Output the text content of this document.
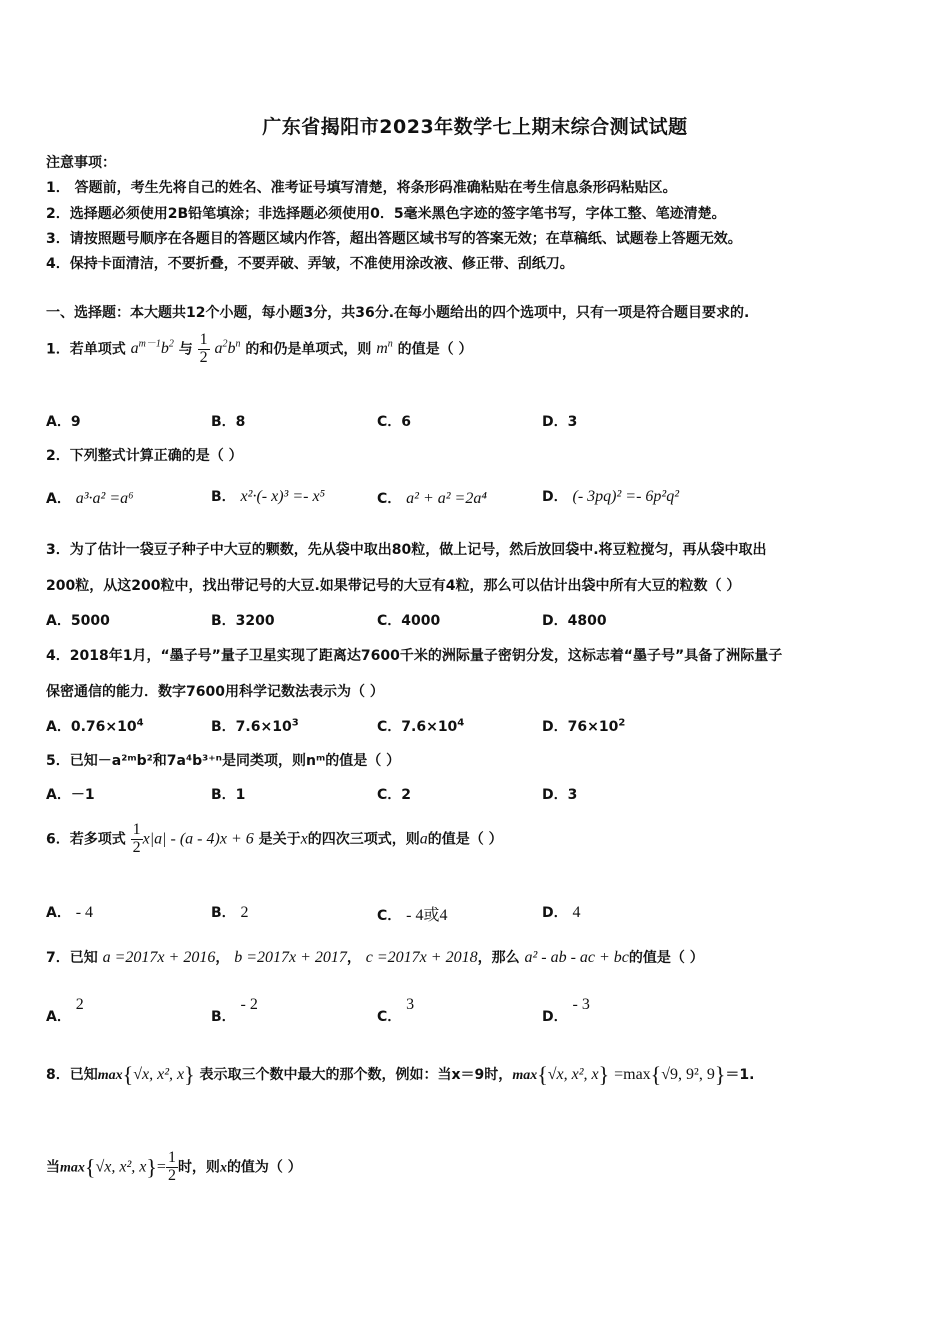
广东省揭阳市2023年数学七上期末综合测试试题
注意事项：
1． 答题前，考生先将自己的姓名、准考证号填写清楚，将条形码准确粘贴在考生信息条形码粘贴区。
2．选择题必须使用2B铅笔填涂；非选择题必须使用0．5毫米黑色字迹的签字笔书写，字体工整、笔迹清楚。
3．请按照题号顺序在各题目的答题区域内作答，超出答题区域书写的答案无效；在草稿纸、试题卷上答题无效。
4．保持卡面清洁，不要折叠，不要弄破、弄皱，不准使用涂改液、修正带、刮纸刀。
一、选择题：本大题共12个小题，每小题3分，共36分.在每小题给出的四个选项中，只有一项是符合题目要求的.
1．若单项式 $a^{m-1}b^2$ 与 $\frac{1}{2} a^2b^n$ 的和仍是单项式，则 $m^n$ 的值是（ ）
A．9	B．8	C．6	D．3
2．下列整式计算正确的是（ ）
A． a³·a² =a⁶	B． x²·(- x)³ =- x⁵	C． a² + a² =2a⁴	D． (- 3pq)² =- 6p²q²
3．为了估计一袋豆子种子中大豆的颗数，先从袋中取出80粒，做上记号，然后放回袋中.将豆粒搅匀，再从袋中取出
200粒，从这200粒中，找出带记号的大豆.如果带记号的大豆有4粒，那么可以估计出袋中所有大豆的粒数（ ）
A．5000	B．3200	C．4000	D．4800
4．2018年1月，“墨子号”量子卫星实现了距离达7600千米的洲际量子密钥分发，这标志着“墨子号”具备了洲际量子
保密通信的能力．数字7600用科学记数法表示为（ ）
A．$0.76\times 10^4$	B．$7.6\times 10^3$	C．$7.6\times 10^4$	D．$76\times 10^2$
5．已知－a²ᵐb²和7a⁴b³⁺ⁿ是同类项，则nᵐ的值是（ ）
A．－1	B．1	C．2	D．3
6．若多项式 $\frac{1}{2} x|a| - (a - 4)x + 6$ 是关于x的四次三项式，则a的值是（ ）
A． - 4	B． 2	C． - 4或4	D． 4
7．已知 a =2017x + 2016， b =2017x + 2017， c =2017x + 2018，那么 a² - ab - ac + bc的值是（ ）
A． 2
B． - 2
C． 3
D． - 3
8．已知max{√x, x², x} 表示取三个数中最大的那个数，例如：当x＝9时，max{√x, x², x} =max{√9, 9², 9}＝1.
当max{√x, x², $x\}= \frac{1}{2}$ 时，则x的值为（ ）
